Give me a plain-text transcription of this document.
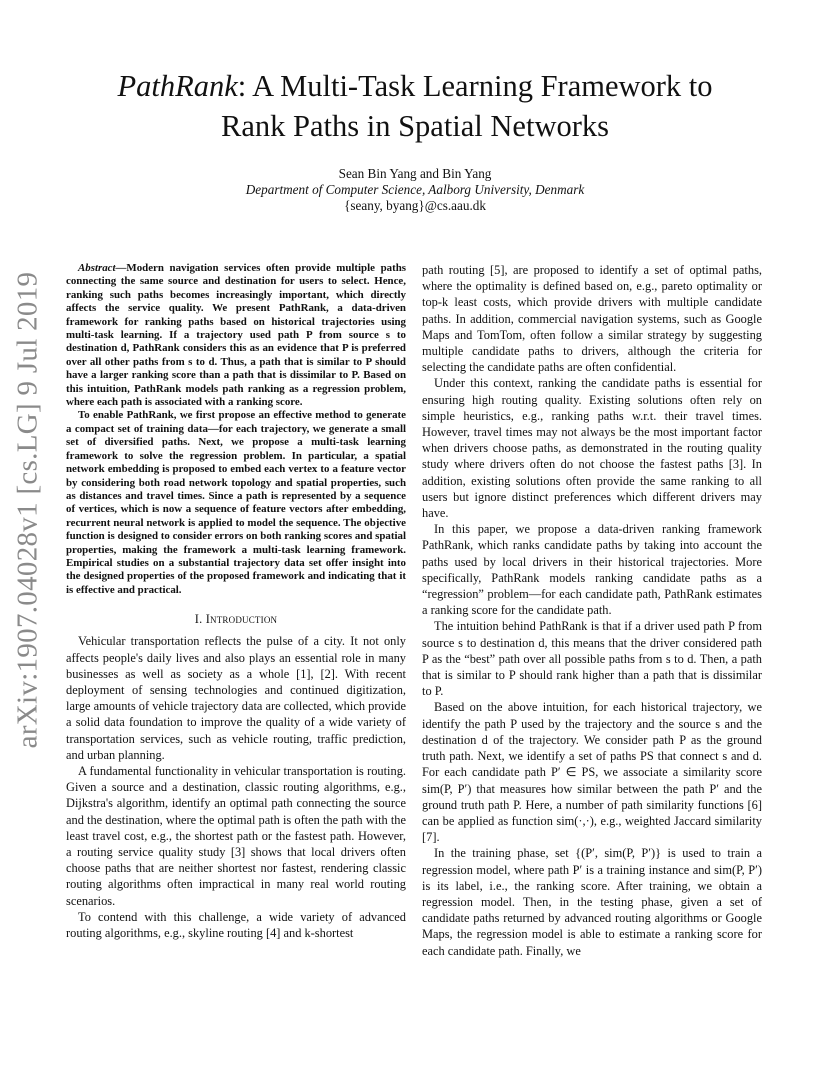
arXiv:1907.04028v1 [cs.LG] 9 Jul 2019
PathRank: A Multi-Task Learning Framework to
Rank Paths in Spatial Networks
Sean Bin Yang and Bin Yang
Department of Computer Science, Aalborg University, Denmark
{seany, byang}@cs.aau.dk

Abstract—Modern navigation services often provide multiple paths connecting the same source and destination for users to select. Hence, ranking such paths becomes increasingly important, which directly affects the service quality. We present PathRank, a data-driven framework for ranking paths based on historical trajectories using multi-task learning. If a trajectory used path P from source s to destination d, PathRank considers this as an evidence that P is preferred over all other paths from s to d. Thus, a path that is similar to P should have a larger ranking score than a path that is dissimilar to P. Based on this intuition, PathRank models path ranking as a regression problem, where each path is associated with a ranking score.

To enable PathRank, we first propose an effective method to generate a compact set of training data—for each trajectory, we generate a small set of diversified paths. Next, we propose a multi-task learning framework to solve the regression problem. In particular, a spatial network embedding is proposed to embed each vertex to a feature vector by considering both road network topology and spatial properties, such as distances and travel times. Since a path is represented by a sequence of vertices, which is now a sequence of feature vectors after embedding, recurrent neural network is applied to model the sequence. The objective function is designed to consider errors on both ranking scores and spatial properties, making the framework a multi-task learning framework. Empirical studies on a substantial trajectory data set offer insight into the designed properties of the proposed framework and indicating that it is effective and practical.

I. Introduction

Vehicular transportation reflects the pulse of a city. It not only affects people's daily lives and also plays an essential role in many businesses as well as society as a whole [1], [2]. With recent deployment of sensing technologies and continued digitization, large amounts of vehicle trajectory data are collected, which provide a solid data foundation to improve the quality of a wide variety of transportation services, such as vehicle routing, traffic prediction, and urban planning.

A fundamental functionality in vehicular transportation is routing. Given a source and a destination, classic routing algorithms, e.g., Dijkstra's algorithm, identify an optimal path connecting the source and the destination, where the optimal path is often the path with the least travel cost, e.g., the shortest path or the fastest path. However, a routing service quality study [3] shows that local drivers often choose paths that are neither shortest nor fastest, rendering classic routing algorithms often impractical in many real world routing scenarios.

To contend with this challenge, a wide variety of advanced routing algorithms, e.g., skyline routing [4] and k-shortest

path routing [5], are proposed to identify a set of optimal paths, where the optimality is defined based on, e.g., pareto optimality or top-k least costs, which provide drivers with multiple candidate paths. In addition, commercial navigation systems, such as Google Maps and TomTom, often follow a similar strategy by suggesting multiple candidate paths to drivers, although the criteria for selecting the candidate paths are often confidential.

Under this context, ranking the candidate paths is essential for ensuring high routing quality. Existing solutions often rely on simple heuristics, e.g., ranking paths w.r.t. their travel times. However, travel times may not always be the most important factor when drivers choose paths, as demonstrated in the routing quality study where drivers often do not choose the fastest paths [3]. In addition, existing solutions often provide the same ranking to all users but ignore distinct preferences which different drivers may have.

In this paper, we propose a data-driven ranking framework PathRank, which ranks candidate paths by taking into account the paths used by local drivers in their historical trajectories. More specifically, PathRank models ranking candidate paths as a “regression” problem—for each candidate path, PathRank estimates a ranking score for the candidate path.

The intuition behind PathRank is that if a driver used path P from source s to destination d, this means that the driver considered path P as the “best” path over all possible paths from s to d. Then, a path that is similar to P should rank higher than a path that is dissimilar to P.

Based on the above intuition, for each historical trajectory, we identify the path P used by the trajectory and the source s and the destination d of the trajectory. We consider path P as the ground truth path. Next, we identify a set of paths PS that connect s and d. For each candidate path P′ ∈ PS, we associate a similarity score sim(P, P′) that measures how similar between the path P′ and the ground truth path P. Here, a number of path similarity functions [6] can be applied as function sim(·,·), e.g., weighted Jaccard similarity [7].

In the training phase, set {(P′, sim(P, P′)} is used to train a regression model, where path P′ is a training instance and sim(P, P′) is its label, i.e., the ranking score. After training, we obtain a regression model. Then, in the testing phase, given a set of candidate paths returned by advanced routing algorithms or Google Maps, the regression model is able to estimate a ranking score for each candidate path. Finally, we
